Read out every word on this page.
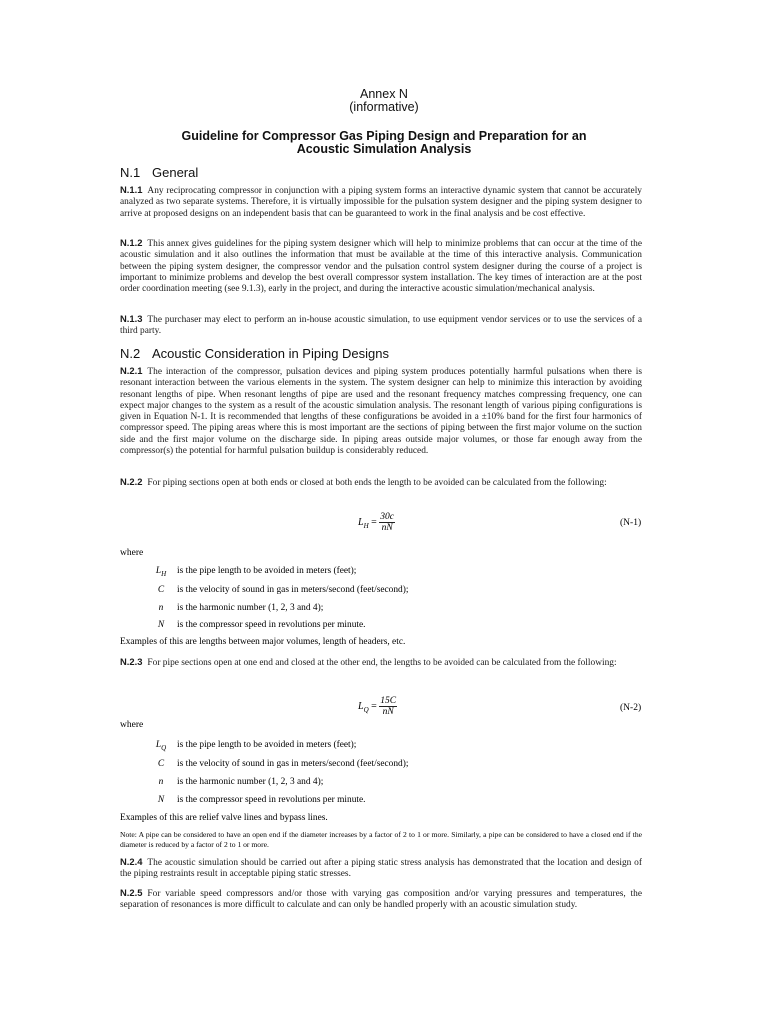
Annex N
(informative)
Guideline for Compressor Gas Piping Design and Preparation for an
Acoustic Simulation Analysis
N.1 General

N.1.1 Any reciprocating compressor in conjunction with a piping system forms an interactive dynamic system that cannot be accurately analyzed as two separate systems. Therefore, it is virtually impossible for the pulsation system designer and the piping system designer to arrive at proposed designs on an independent basis that can be guaranteed to work in the final analysis and be cost effective.

N.1.2 This annex gives guidelines for the piping system designer which will help to minimize problems that can occur at the time of the acoustic simulation and it also outlines the information that must be available at the time of this interactive analysis. Communication between the piping system designer, the compressor vendor and the pulsation control system designer during the course of a project is important to minimize problems and develop the best overall compressor system installation. The key times of interaction are at the post order coordination meeting (see 9.1.3), early in the project, and during the interactive acoustic simulation/mechanical analysis.

N.1.3 The purchaser may elect to perform an in-house acoustic simulation, to use equipment vendor services or to use the services of a third party.

N.2 Acoustic Consideration in Piping Designs

N.2.1 The interaction of the compressor, pulsation devices and piping system produces potentially harmful pulsations when there is resonant interaction between the various elements in the system. The system designer can help to minimize this interaction by avoiding resonant lengths of pipe. When resonant lengths of pipe are used and the resonant frequency matches compressing frequency, one can expect major changes to the system as a result of the acoustic simulation analysis. The resonant length of various piping configurations is given in Equation N-1. It is recommended that lengths of these configurations be avoided in a ±10% band for the first four harmonics of compressor speed. The piping areas where this is most important are the sections of piping between the first major volume on the suction side and the first major volume on the discharge side. In piping areas outside major volumes, or those far enough away from the compressor(s) the potential for harmful pulsation buildup is considerably reduced.

N.2.2 For piping sections open at both ends or closed at both ends the length to be avoided can be calculated from the following:

$L_H = \frac{30c}{nN}$	(N-1)
where
$L_H$	is the pipe length to be avoided in meters (feet);
C	is the velocity of sound in gas in meters/second (feet/second);
n	is the harmonic number (1, 2, 3 and 4);
N	is the compressor speed in revolutions per minute.
Examples of this are lengths between major volumes, length of headers, etc.

N.2.3 For pipe sections open at one end and closed at the other end, the lengths to be avoided can be calculated from the following:

$L_Q = \frac{15C}{nN}$	(N-2)
where
$L_Q$	is the pipe length to be avoided in meters (feet);
C	is the velocity of sound in gas in meters/second (feet/second);
n	is the harmonic number (1, 2, 3 and 4);
N	is the compressor speed in revolutions per minute.
Examples of this are relief valve lines and bypass lines.

Note: A pipe can be considered to have an open end if the diameter increases by a factor of 2 to 1 or more. Similarly, a pipe can be considered to have a closed end if the diameter is reduced by a factor of 2 to 1 or more.

N.2.4 The acoustic simulation should be carried out after a piping static stress analysis has demonstrated that the location and design of the piping restraints result in acceptable piping static stresses.

N.2.5 For variable speed compressors and/or those with varying gas composition and/or varying pressures and temperatures, the separation of resonances is more difficult to calculate and can only be handled properly with an acoustic simulation study.
